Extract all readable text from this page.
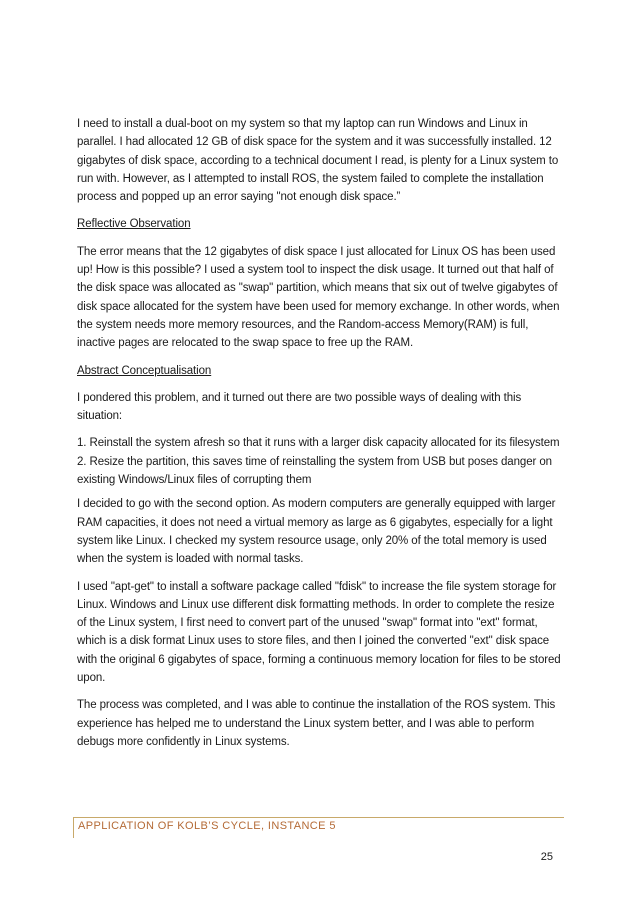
I need to install a dual-boot on my system so that my laptop can run Windows and Linux in parallel. I had allocated 12 GB of disk space for the system and it was successfully installed. 12 gigabytes of disk space, according to a technical document I read, is plenty for a Linux system to run with. However, as I attempted to install ROS, the system failed to complete the installation process and popped up an error saying "not enough disk space.”

Reflective Observation

The error means that the 12 gigabytes of disk space I just allocated for Linux OS has been used up! How is this possible? I used a system tool to inspect the disk usage. It turned out that half of the disk space was allocated as "swap" partition, which means that six out of twelve gigabytes of disk space allocated for the system have been used for memory exchange. In other words, when the system needs more memory resources, and the Random-access Memory(RAM) is full, inactive pages are relocated to the swap space to free up the RAM.

Abstract Conceptualisation

I pondered this problem, and it turned out there are two possible ways of dealing with this situation:

1. Reinstall the system afresh so that it runs with a larger disk capacity allocated for its filesystem

2. Resize the partition, this saves time of reinstalling the system from USB but poses danger on existing Windows/Linux files of corrupting them

I decided to go with the second option. As modern computers are generally equipped with larger RAM capacities, it does not need a virtual memory as large as 6 gigabytes, especially for a light system like Linux. I checked my system resource usage, only 20% of the total memory is used when the system is loaded with normal tasks.

I used "apt-get" to install a software package called "fdisk" to increase the file system storage for Linux. Windows and Linux use different disk formatting methods. In order to complete the resize of the Linux system, I first need to convert part of the unused "swap" format into "ext" format, which is a disk format Linux uses to store files, and then I joined the converted "ext" disk space with the original 6 gigabytes of space, forming a continuous memory location for files to be stored upon.

The process was completed, and I was able to continue the installation of the ROS system. This experience has helped me to understand the Linux system better, and I was able to perform debugs more confidently in Linux systems.

APPLICATION OF KOLB’S CYCLE, INSTANCE 5
25
